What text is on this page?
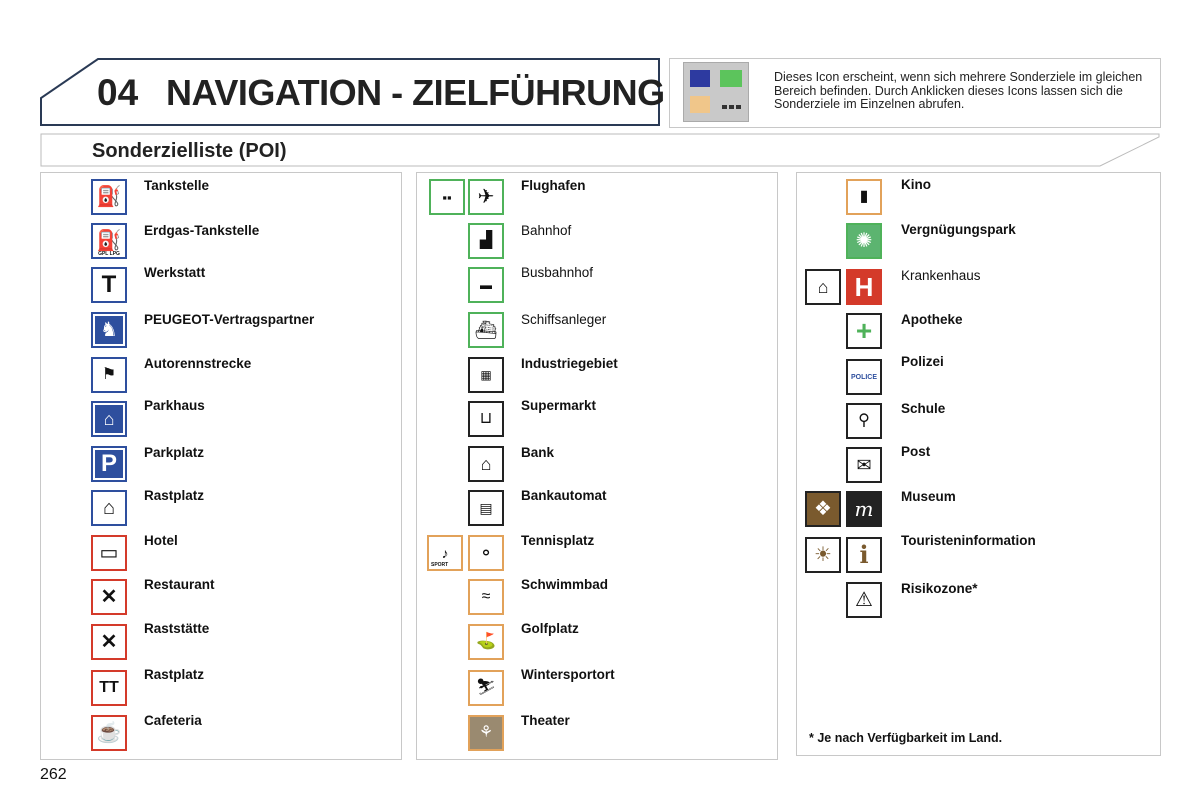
04 NAVIGATION - ZIELFÜHRUNG	Dieses Icon erscheint, wenn sich mehrere Sonderziele im gleichen Bereich befinden. Durch Anklicken dieses Icons lassen sich die Sonderziele im Einzelnen abrufen.
Sonderzielliste (POI)
⛽
Tankstelle
⛽
GPL LPG
Erdgas-Tankstelle
T Werkstatt
♞ PEUGEOT-Vertragspartner
⚑
Autorennstrecke
⌂
Parkhaus
P Parkplatz
⌂
Rastplatz
▭
Hotel
✕
Restaurant
✕
Raststätte
TT
Rastplatz
☕
Cafeteria
▪▪ ✈
Flughafen
▟
Bahnhof
▬
Busbahnhof
⛴
Schiffsanleger
▦
Industriegebiet
⊔
Supermarkt
⌂
Bank
▤
Bankautomat
♪
SPORT
⚬
Tennisplatz
≈
Schwimmbad
⛳
Golfplatz
⛷
Wintersportort
⚘
Theater
▮
Kino
✺
Vergnügungspark
⌂ H Krankenhaus
+ Apotheke
POLICE
Polizei
⚲
Schule
✉
Post
❖ m
Museum
☀ i Touristeninformation
⚠
Risikozone*
* Je nach Verfügbarkeit im Land.
262
